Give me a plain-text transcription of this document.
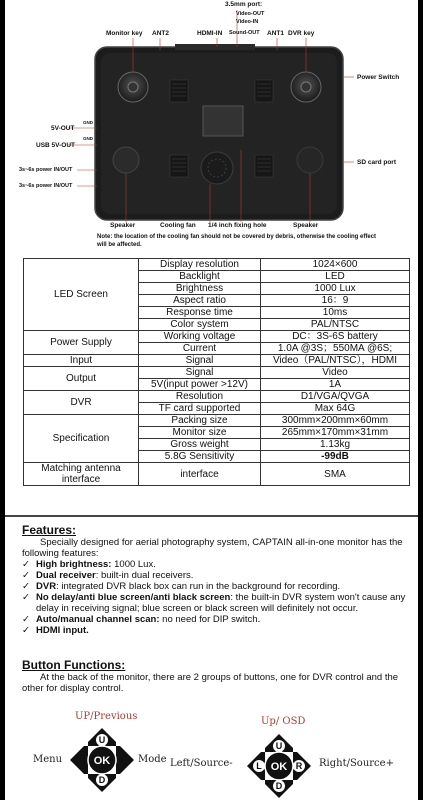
3.5mm port:
Video-OUT
Video-IN
Sound-OUT
Monitor key ANT2	HDMI-IN	ANT1 DVR key
Power Switch
GND
5V-OUT
GND
USB 5V-OUT
3s~6s power IN/OUT
3s~6s power IN/OUT
SD card port
Speaker	Cooling fan 1/4 inch fixing hole	Speaker
Note: the location of the cooling fan should not be covered by debris, otherwise the cooling effect will be affected.
LED Screen	Display resolution	1024×600
	Backlight	LED
	Brightness	1000 Lux
	Aspect ratio	16：9
	Response time	10ms
	Color system	PAL/NTSC
Power Supply	Working voltage	DC：3S-6S battery
	Current	1.0A @3S；550MA @6S;
Input	Signal	Video（PAL/NTSC），HDMI
Output	Signal	Video
	5V(input power >12V)	1A
DVR	Resolution	D1/VGA/QVGA
	TF card supported	Max 64G
Specification	Packing size	300mm×200mm×60mm
	Monitor size	265mm×170mm×31mm
	Gross weight	1.13kg
	5.8G Sensitivity	-99dB
Matching antenna interface	interface	SMA
Features:
Specially designed for aerial photography system, CAPTAIN all-in-one monitor has the following features:
✓ High brightness: 1000 Lux.
✓ Dual receiver: built-in dual receivers.
✓ DVR: integrated DVR black box can run in the background for recording.
✓ No delay/anti blue screen/anti black screen: the built-in DVR system won't cause any delay in receiving signal; blue screen or black screen will definitely not occur.
✓ Auto/manual channel scan: no need for DIP switch.
✓ HDMI input.
Button Functions:
At the back of the monitor, there are 2 groups of buttons, one for DVR control and the other for display control.
UP/Previous
Menu	Mode
U
D
OK
Up/ OSD
Left/Source-	Right/Source+
U
D
L	R
OK
